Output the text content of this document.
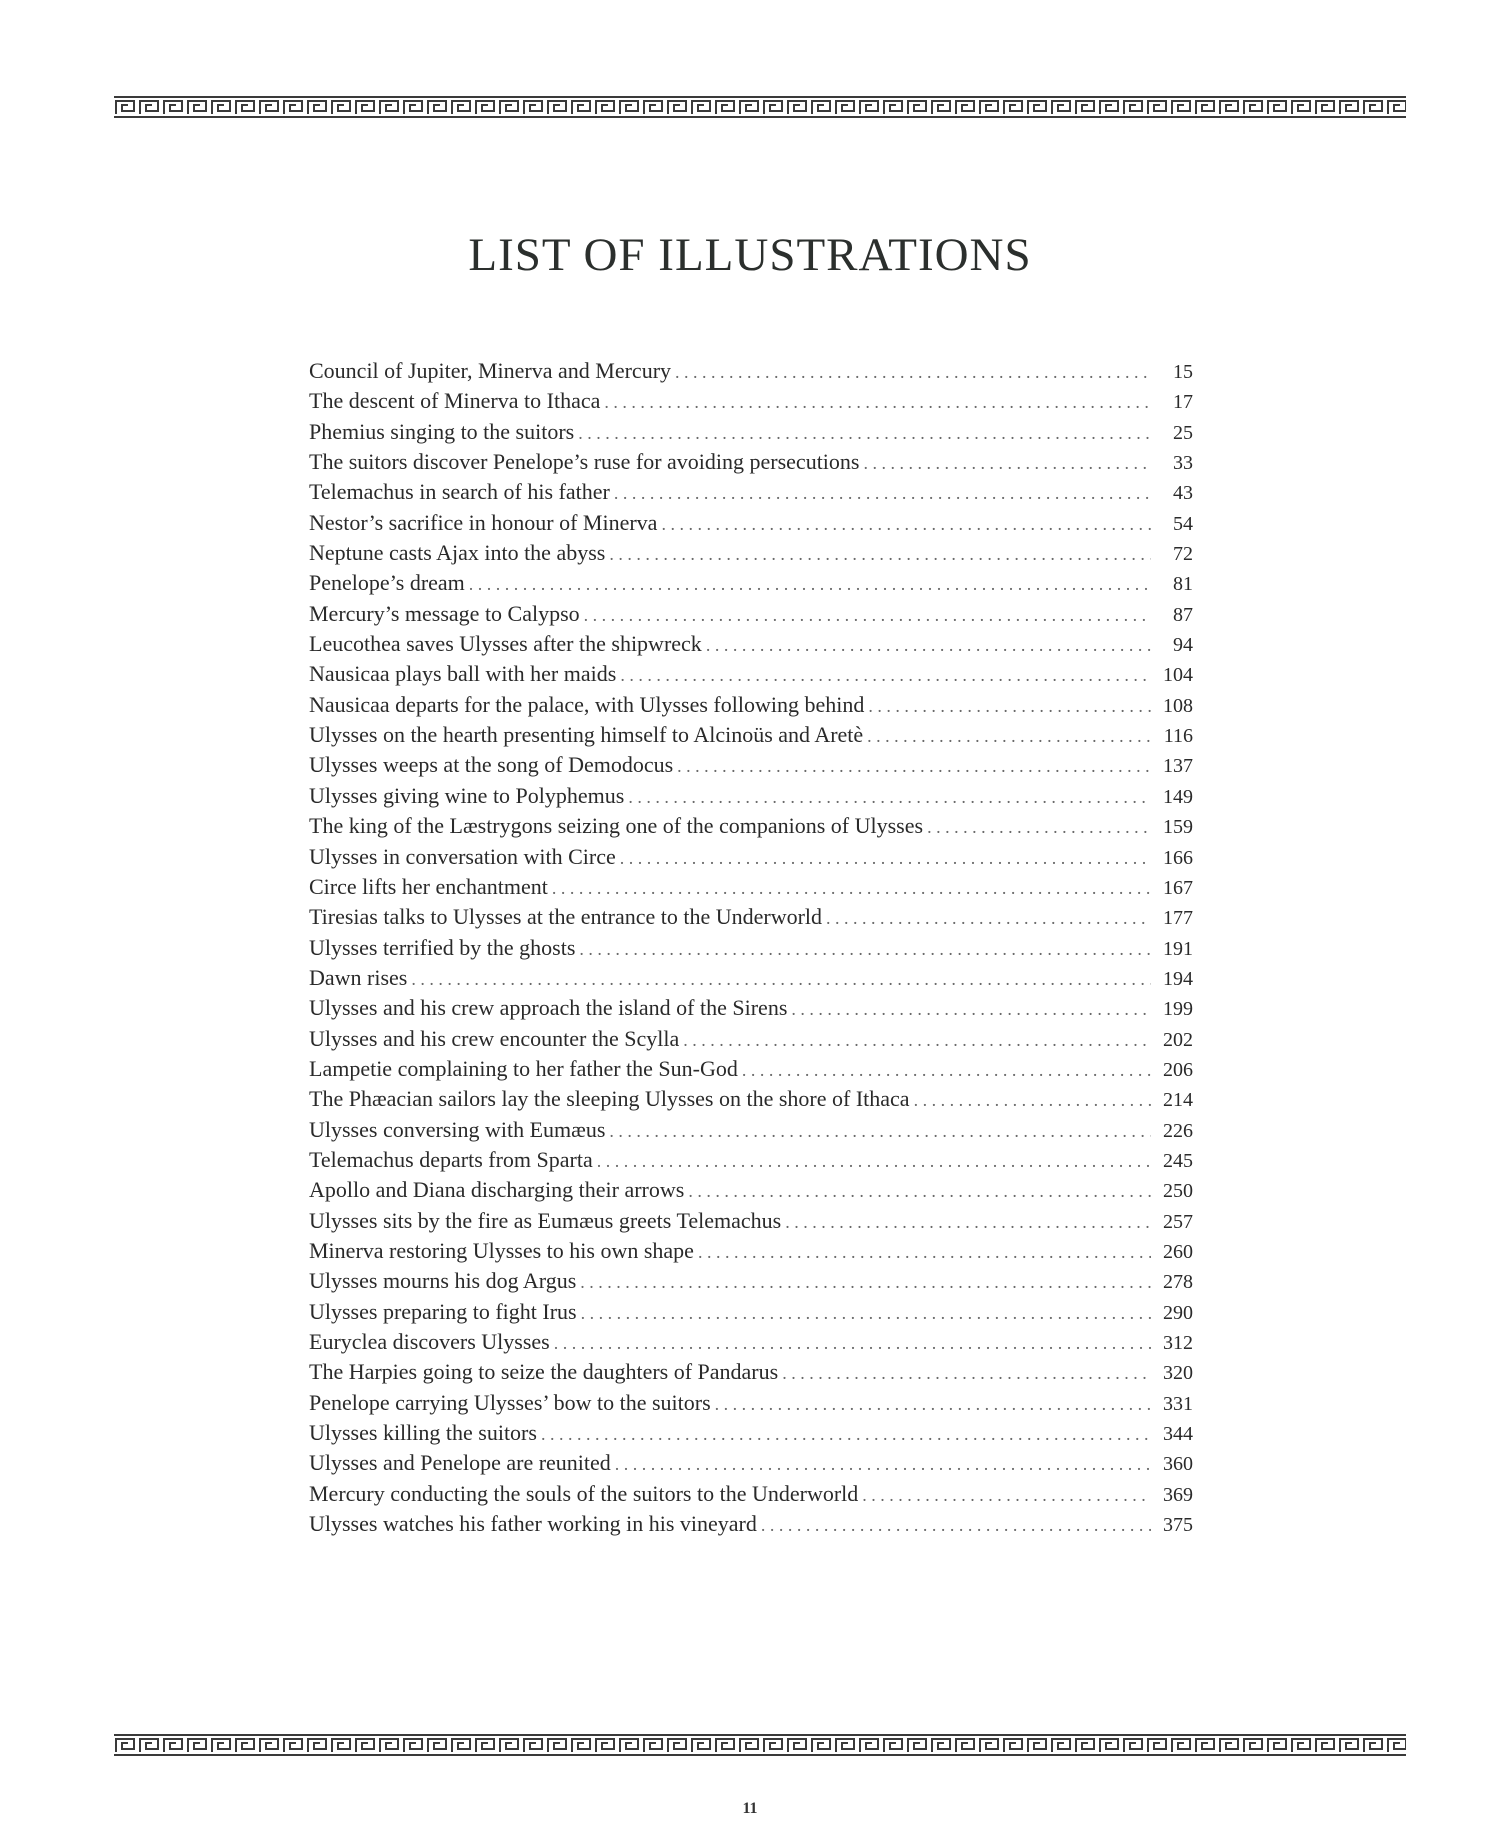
LIST OF ILLUSTRATIONS
Council of Jupiter, Minerva and Mercury . . .	15
The descent of Minerva to Ithaca . . .	17
Phemius singing to the suitors . . .	25
The suitors discover Penelope’s ruse for avoiding persecutions . . .	33
Telemachus in search of his father . . .	43
Nestor’s sacrifice in honour of Minerva . . .	54
Neptune casts Ajax into the abyss . . .	72
Penelope’s dream . . .	81
Mercury’s message to Calypso . . .	87
Leucothea saves Ulysses after the shipwreck . . .	94
Nausicaa plays ball with her maids . . .	104
Nausicaa departs for the palace, with Ulysses following behind . . .	108
Ulysses on the hearth presenting himself to Alcinoüs and Aretè . . .	116
Ulysses weeps at the song of Demodocus . . .	137
Ulysses giving wine to Polyphemus . . .	149
The king of the Læstrygons seizing one of the companions of Ulysses . . .	159
Ulysses in conversation with Circe . . .	166
Circe lifts her enchantment . . .	167
Tiresias talks to Ulysses at the entrance to the Underworld . . .	177
Ulysses terrified by the ghosts . . .	191
Dawn rises . . .	194
Ulysses and his crew approach the island of the Sirens . . .	199
Ulysses and his crew encounter the Scylla . . .	202
Lampetie complaining to her father the Sun-God . . .	206
The Phæacian sailors lay the sleeping Ulysses on the shore of Ithaca . . .	214
Ulysses conversing with Eumæus . . .	226
Telemachus departs from Sparta . . .	245
Apollo and Diana discharging their arrows . . .	250
Ulysses sits by the fire as Eumæus greets Telemachus . . .	257
Minerva restoring Ulysses to his own shape . . .	260
Ulysses mourns his dog Argus . . .	278
Ulysses preparing to fight Irus . . .	290
Euryclea discovers Ulysses . . .	312
The Harpies going to seize the daughters of Pandarus . . .	320
Penelope carrying Ulysses’ bow to the suitors . . .	331
Ulysses killing the suitors . . .	344
Ulysses and Penelope are reunited . . .	360
Mercury conducting the souls of the suitors to the Underworld . . .	369
Ulysses watches his father working in his vineyard . . .	375
11
